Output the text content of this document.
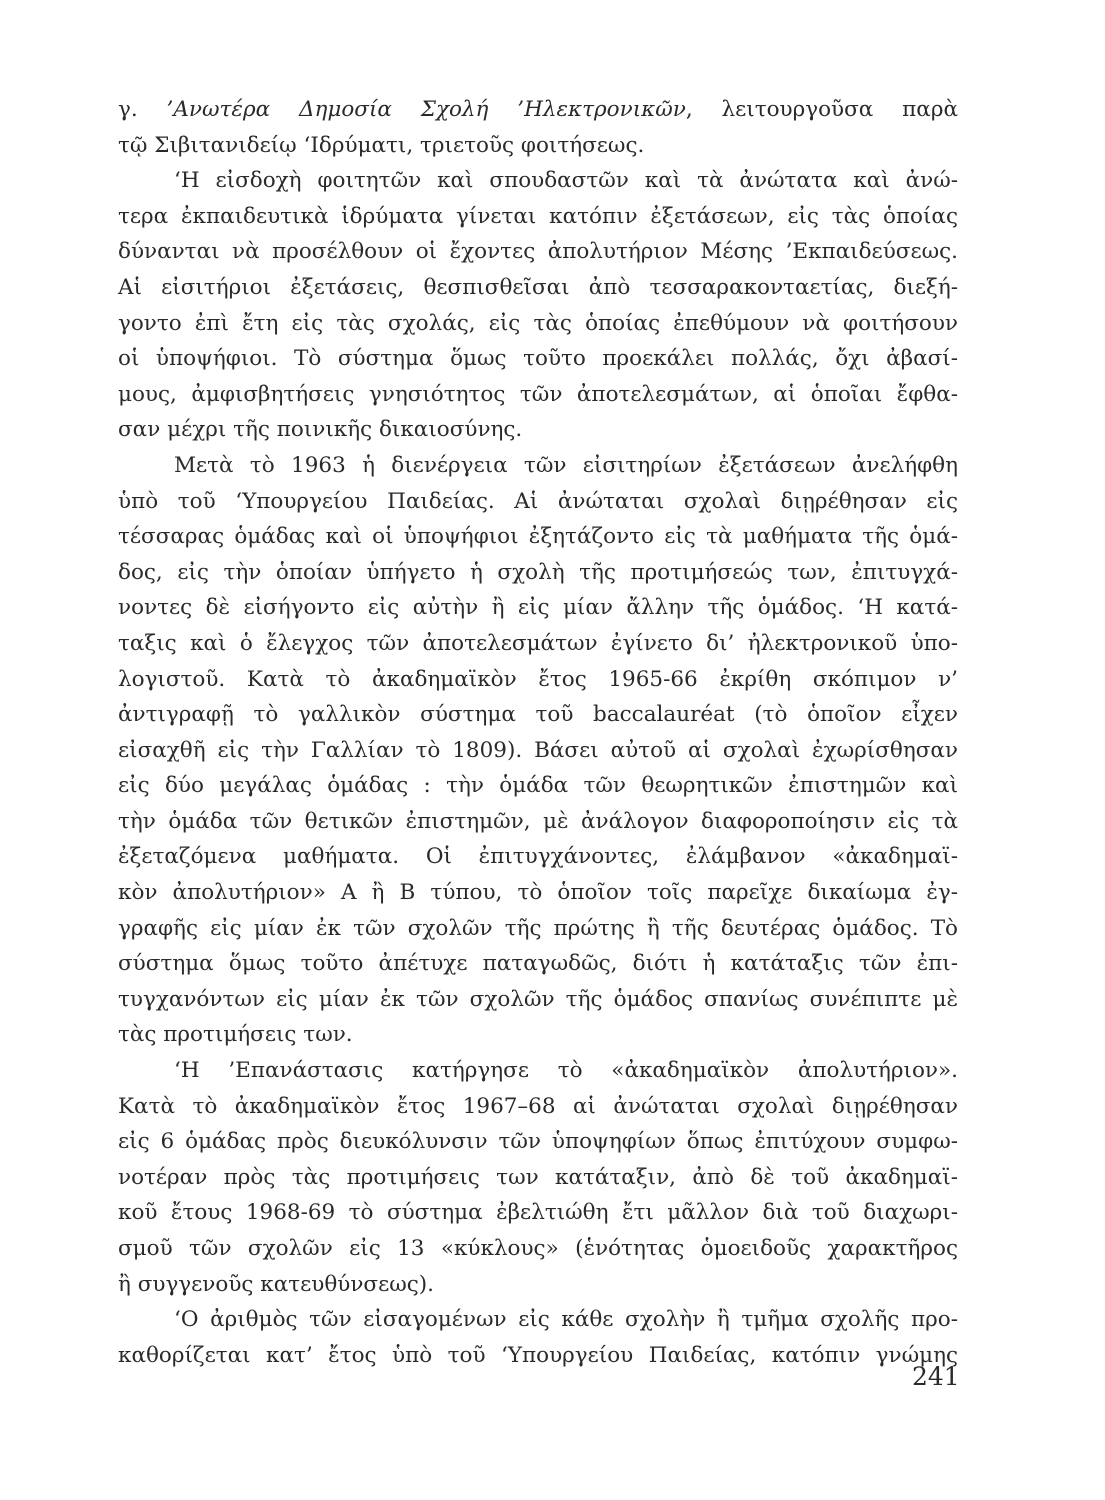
γ. ’Ανωτέρα Δημοσία Σχολή ’Ηλεκτρονικῶν, λειτουργοῦσα παρὰ
τῷ Σιβιτανιδείῳ ‘Ιδρύματι, τριετοῦς φοιτήσεως.
‘Η εἰσδοχὴ φοιτητῶν καὶ σπουδαστῶν καὶ τὰ ἀνώτατα καὶ ἀνώ-
τερα ἐκπαιδευτικὰ ἱδρύματα γίνεται κατόπιν ἐξετάσεων, εἰς τὰς ὁποίας
δύνανται νὰ προσέλθουν οἱ ἔχοντες ἀπολυτήριον Μέσης ’Εκπαιδεύσεως.
Αἱ εἰσιτήριοι ἐξετάσεις, θεσπισθεῖσαι ἀπὸ τεσσαρακονταετίας, διεξή-
γοντο ἐπὶ ἔτη εἰς τὰς σχολάς, εἰς τὰς ὁποίας ἐπεθύμουν νὰ φοιτήσουν
οἱ ὑποψήφιοι. Τὸ σύστημα ὅμως τοῦτο προεκάλει πολλάς, ὄχι ἀβασί-
μους, ἀμφισβητήσεις γνησιότητος τῶν ἀποτελεσμάτων, αἱ ὁποῖαι ἔφθα-
σαν μέχρι τῆς ποινικῆς δικαιοσύνης.
Μετὰ τὸ 1963 ἡ διενέργεια τῶν εἰσιτηρίων ἐξετάσεων ἀνελήφθη
ὑπὸ τοῦ ‘Υπουργείου Παιδείας. Αἱ ἀνώταται σχολαὶ διῃρέθησαν εἰς
τέσσαρας ὁμάδας καὶ οἱ ὑποψήφιοι ἐξητάζοντο εἰς τὰ μαθήματα τῆς ὁμά-
δος, εἰς τὴν ὁποίαν ὑπήγετο ἡ σχολὴ τῆς προτιμήσεώς των, ἐπιτυγχά-
νοντες δὲ εἰσήγοντο εἰς αὐτὴν ἢ εἰς μίαν ἄλλην τῆς ὁμάδος. ‘Η κατά-
ταξις καὶ ὁ ἔλεγχος τῶν ἀποτελεσμάτων ἐγίνετο δι’ ἠλεκτρονικοῦ ὑπο-
λογιστοῦ. Κατὰ τὸ ἀκαδημαϊκὸν ἔτος 1965-66 ἐκρίθη σκόπιμον ν’
ἀντιγραφῇ τὸ γαλλικὸν σύστημα τοῦ baccalauréat (τὸ ὁποῖον εἶχεν
εἰσαχθῆ εἰς τὴν Γαλλίαν τὸ 1809). Βάσει αὐτοῦ αἱ σχολαὶ ἐχωρίσθησαν
εἰς δύο μεγάλας ὁμάδας : τὴν ὁμάδα τῶν θεωρητικῶν ἐπιστημῶν καὶ
τὴν ὁμάδα τῶν θετικῶν ἐπιστημῶν, μὲ ἀνάλογον διαφοροποίησιν εἰς τὰ
ἐξεταζόμενα μαθήματα. Οἱ ἐπιτυγχάνοντες, ἐλάμβανον «ἀκαδημαϊ-
κὸν ἀπολυτήριον» Α ἢ Β τύπου, τὸ ὁποῖον τοῖς παρεῖχε δικαίωμα ἐγ-
γραφῆς εἰς μίαν ἐκ τῶν σχολῶν τῆς πρώτης ἢ τῆς δευτέρας ὁμάδος. Τὸ
σύστημα ὅμως τοῦτο ἀπέτυχε παταγωδῶς, διότι ἡ κατάταξις τῶν ἐπι-
τυγχανόντων εἰς μίαν ἐκ τῶν σχολῶν τῆς ὁμάδος σπανίως συνέπιπτε μὲ
τὰς προτιμήσεις των.
‘Η ’Επανάστασις κατήργησε τὸ «ἀκαδημαϊκὸν ἀπολυτήριον».
Κατὰ τὸ ἀκαδημαϊκὸν ἔτος 1967–68 αἱ ἀνώταται σχολαὶ διῃρέθησαν
εἰς 6 ὁμάδας πρὸς διευκόλυνσιν τῶν ὑποψηφίων ὅπως ἐπιτύχουν συμφω-
νοτέραν πρὸς τὰς προτιμήσεις των κατάταξιν, ἀπὸ δὲ τοῦ ἀκαδημαϊ-
κοῦ ἔτους 1968-69 τὸ σύστημα ἐβελτιώθη ἔτι μᾶλλον διὰ τοῦ διαχωρι-
σμοῦ τῶν σχολῶν εἰς 13 «κύκλους» (ἑνότητας ὁμοειδοῦς χαρακτῆρος
ἢ συγγενοῦς κατευθύνσεως).
‘Ο ἀριθμὸς τῶν εἰσαγομένων εἰς κάθε σχολὴν ἢ τμῆμα σχολῆς προ-
καθορίζεται κατ’ ἔτος ὑπὸ τοῦ ‘Υπουργείου Παιδείας, κατόπιν γνώμης
241
